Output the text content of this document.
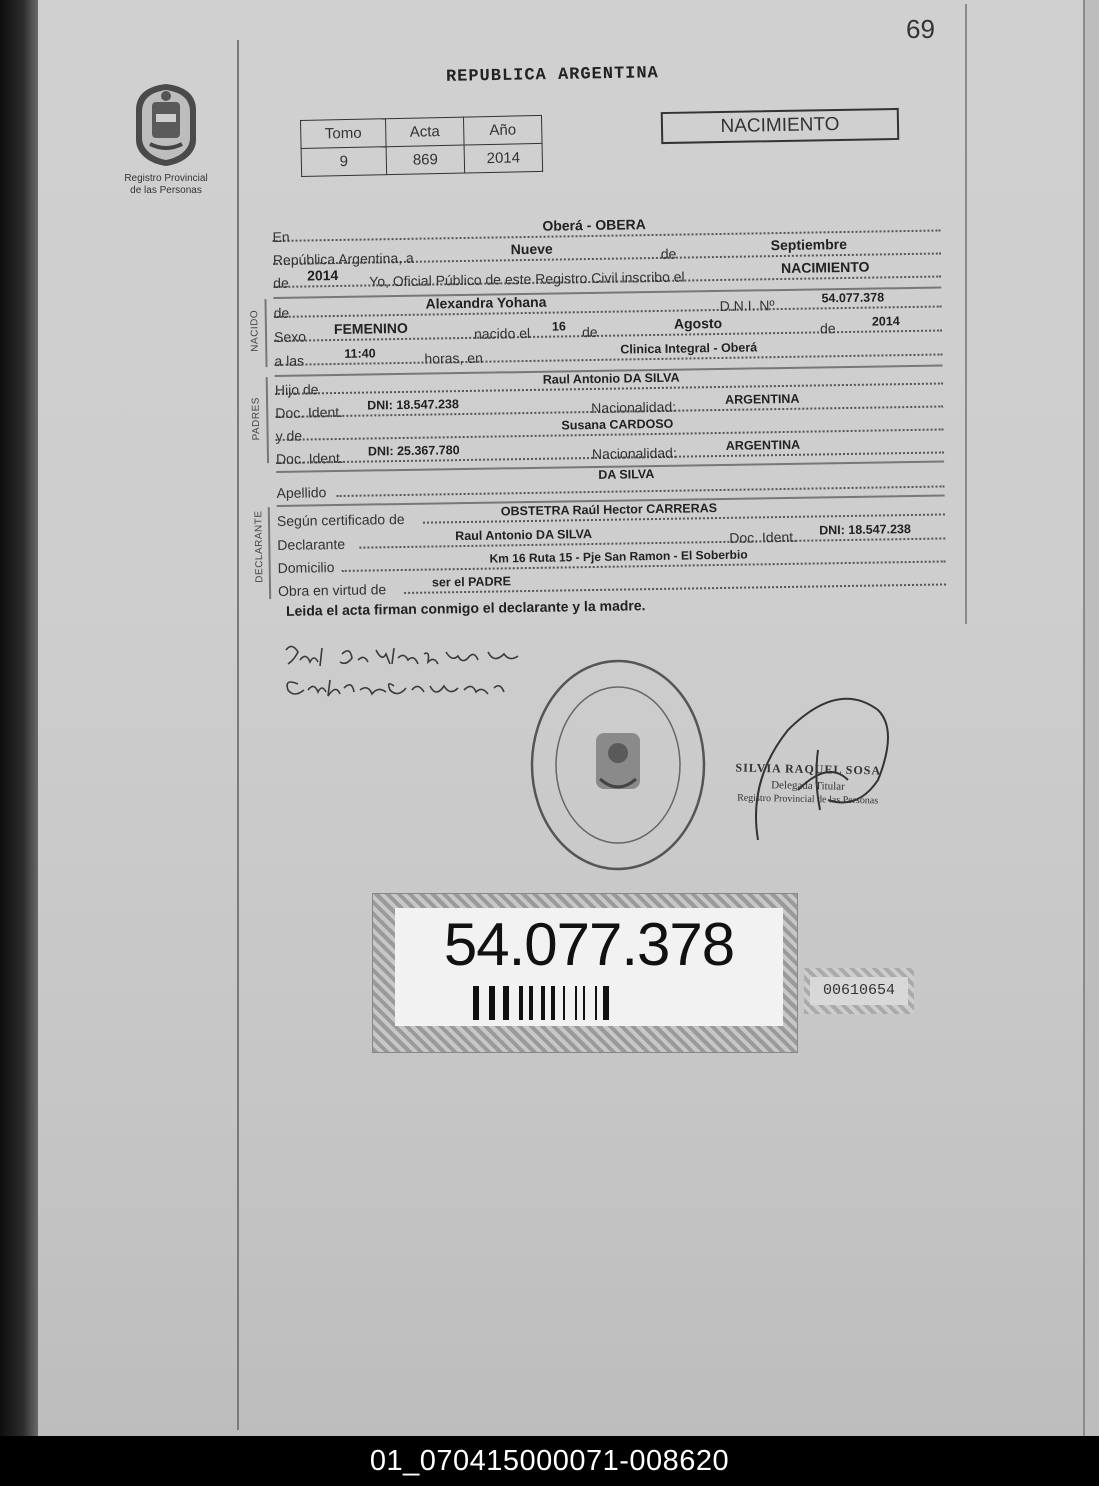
69
Registro Provincial
de las Personas
REPUBLICA ARGENTINA
Tomo	Acta	Año
9	869	2014
NACIMIENTO
En
Oberá - OBERA
República Argentina, a
Nueve	de
Septiembre
de 2014 Yo, Oficial Público de este Registro Civil inscribo el
NACIMIENTO
NACIDO de
Alexandra Yohana	D.N.I. Nº	54.077.378
Sexo FEMENINO	nacido el 16 de
Agosto	de	2014
a las	11:40	horas, en
Clinica Integral - Oberá
PADRES
Hijo de
Raul Antonio DA SILVA
Doc. Ident. DNI: 18.547.238	Nacionalidad:	ARGENTINA
y de
Susana CARDOSO
Doc. Ident. DNI: 25.367.780	Nacionalidad:	ARGENTINA
Apellido
DA SILVA
DECLARANTE Según certificado de
OBSTETRA Raúl Hector CARRERAS
Declarante
Raul Antonio DA SILVA	Doc. Ident. DNI: 18.547.238
Domicilio
Km 16 Ruta 15 - Pje San Ramon - El Soberbio
Obra en virtud de	ser el PADRE
Leida el acta firman conmigo el declarante y la madre.
SILVIA RAQUEL SOSA
Delegada Titular
Registro Provincial de las Personas
54.077.378
00610654
01_070415000071-008620
